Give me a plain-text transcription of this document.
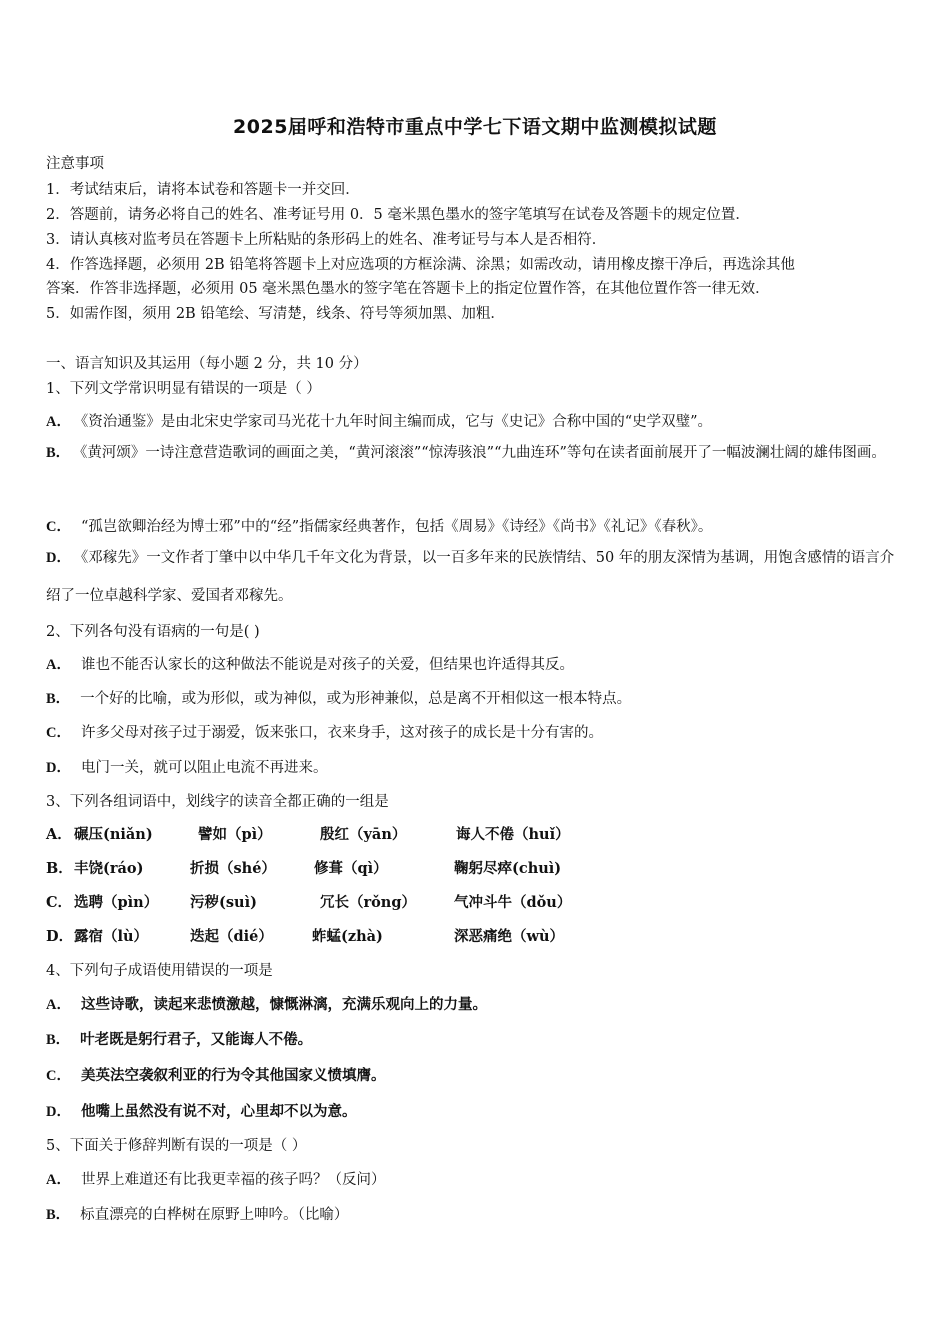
2025届呼和浩特市重点中学七下语文期中监测模拟试题
注意事项
1．考试结束后，请将本试卷和答题卡一并交回．
2．答题前，请务必将自己的姓名、准考证号用 0．5 毫米黑色墨水的签字笔填写在试卷及答题卡的规定位置．
3．请认真核对监考员在答题卡上所粘贴的条形码上的姓名、准考证号与本人是否相符．
4．作答选择题，必须用 2B 铅笔将答题卡上对应选项的方框涂满、涂黑；如需改动，请用橡皮擦干净后，再选涂其他
答案．作答非选择题，必须用 05 毫米黑色墨水的签字笔在答题卡上的指定位置作答，在其他位置作答一律无效．
5．如需作图，须用 2B 铅笔绘、写清楚，线条、符号等须加黑、加粗．
一、语言知识及其运用（每小题 2 分，共 10 分）
1、下列文学常识明显有错误的一项是（ ）
A． 《资治通鉴》是由北宋史学家司马光花十九年时间主编而成，它与《史记》合称中国的“史学双璧”。
B． 《黄河颂》一诗注意营造歌词的画面之美，“黄河滚滚”“惊涛骇浪”“九曲连环”等句在读者面前展开了一幅波澜壮阔的雄伟图画。
C． “孤岂欲卿治经为博士邪”中的“经”指儒家经典著作，包括《周易》《诗经》《尚书》《礼记》《春秋》。
D． 《邓稼先》一文作者丁肇中以中华几千年文化为背景，以一百多年来的民族情结、50 年的朋友深情为基调，用饱含感情的语言介绍了一位卓越科学家、爱国者邓稼先。
2、下列各句没有语病的一句是( )
A． 谁也不能否认家长的这种做法不能说是对孩子的关爱，但结果也许适得其反。
B． 一个好的比喻，或为形似，或为神似，或为形神兼似，总是离不开相似这一根本特点。
C． 许多父母对孩子过于溺爱，饭来张口，衣来身手，这对孩子的成长是十分有害的。
D． 电门一关，就可以阻止电流不再进来。
3、下列各组词语中，划线字的读音全都正确的一组是
A． 碾压(niǎn)	譬如（pì）	殷红（yān）	诲人不倦（huǐ）
B．丰饶(ráo)	折损（shé）	修葺（qì）	鞠躬尽瘁(chuì)
C． 选聘（pìn） 污秽(suì)	冗长（rǒng）	气冲斗牛（dǒu）
D．露宿（lù）	迭起（dié）	蚱蜢(zhà)	深恶痛绝（wù）
4、下列句子成语使用错误的一项是
A． 这些诗歌，读起来悲愤激越，慷慨淋漓，充满乐观向上的力量。
B． 叶老既是躬行君子，又能诲人不倦。
C． 美英法空袭叙利亚的行为令其他国家义愤填膺。
D． 他嘴上虽然没有说不对，心里却不以为意。
5、下面关于修辞判断有误的一项是（ ）
A． 世界上难道还有比我更幸福的孩子吗？（反问）
B． 标直漂亮的白桦树在原野上呻吟。（比喻）
